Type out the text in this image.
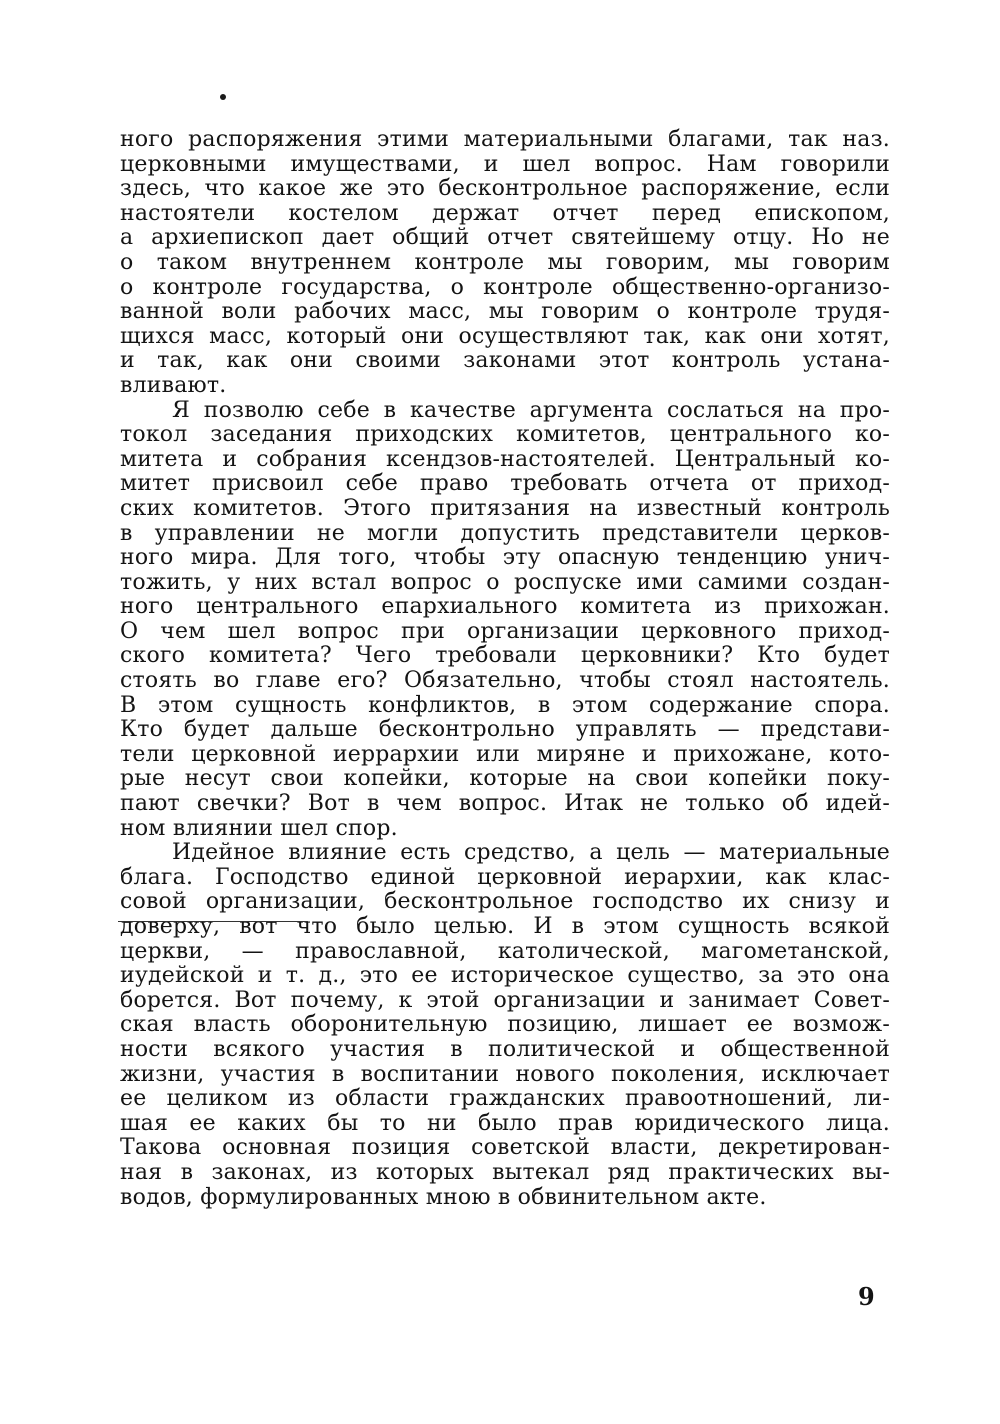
ного распоряжения этими материальными благами, так наз.
церковными имуществами, и шел вопрос. Нам говорили
здесь, что какое же это бесконтрольное распоряжение, если
настоятели костелом держат отчет перед епископом,
а архиепископ дает общий отчет святейшему отцу. Но не
о таком внутреннем контроле мы говорим, мы говорим
о контроле государства, о контроле общественно-организо-
ванной воли рабочих масс, мы говорим о контроле трудя-
щихся масс, который они осуществляют так, как они хотят,
и так, как они своими законами этот контроль устана-
вливают.
Я позволю себе в качестве аргумента сослаться на про-
токол заседания приходских комитетов, центрального ко-
митета и собрания ксендзов-настоятелей. Центральный ко-
митет присвоил себе право требовать отчета от приход-
ских комитетов. Этого притязания на известный контроль
в управлении не могли допустить представители церков-
ного мира. Для того, чтобы эту опасную тенденцию унич-
тожить, у них встал вопрос о роспуске ими самими создан-
ного центрального епархиального комитета из прихожан.
О чем шел вопрос при организации церковного приход-
ского комитета? Чего требовали церковники? Кто будет
стоять во главе его? Обязательно, чтобы стоял настоятель.
В этом сущность конфликтов, в этом содержание спора.
Кто будет дальше бесконтрольно управлять — представи-
тели церковной иеррархии или миряне и прихожане, кото-
рые несут свои копейки, которые на свои копейки поку-
пают свечки? Вот в чем вопрос. Итак не только об идей-
ном влиянии шел спор.
Идейное влияние есть средство, а цель — материальные
блага. Господство единой церковной иерархии, как клас-
совой организации, бесконтрольное господство их снизу и
доверху, вот что было целью. И в этом сущность всякой
церкви, — православной, католической, магометанской,
иудейской и т. д., это ее историческое существо, за это она
борется. Вот почему, к этой организации и занимает Совет-
ская власть оборонительную позицию, лишает ее возмож-
ности всякого участия в политической и общественной
жизни, участия в воспитании нового поколения, исключает
ее целиком из области гражданских правоотношений, ли-
шая ее каких бы то ни было прав юридического лица.
Такова основная позиция советской власти, декретирован-
ная в законах, из которых вытекал ряд практических вы-
водов, формулированных мною в обвинительном акте.
9
